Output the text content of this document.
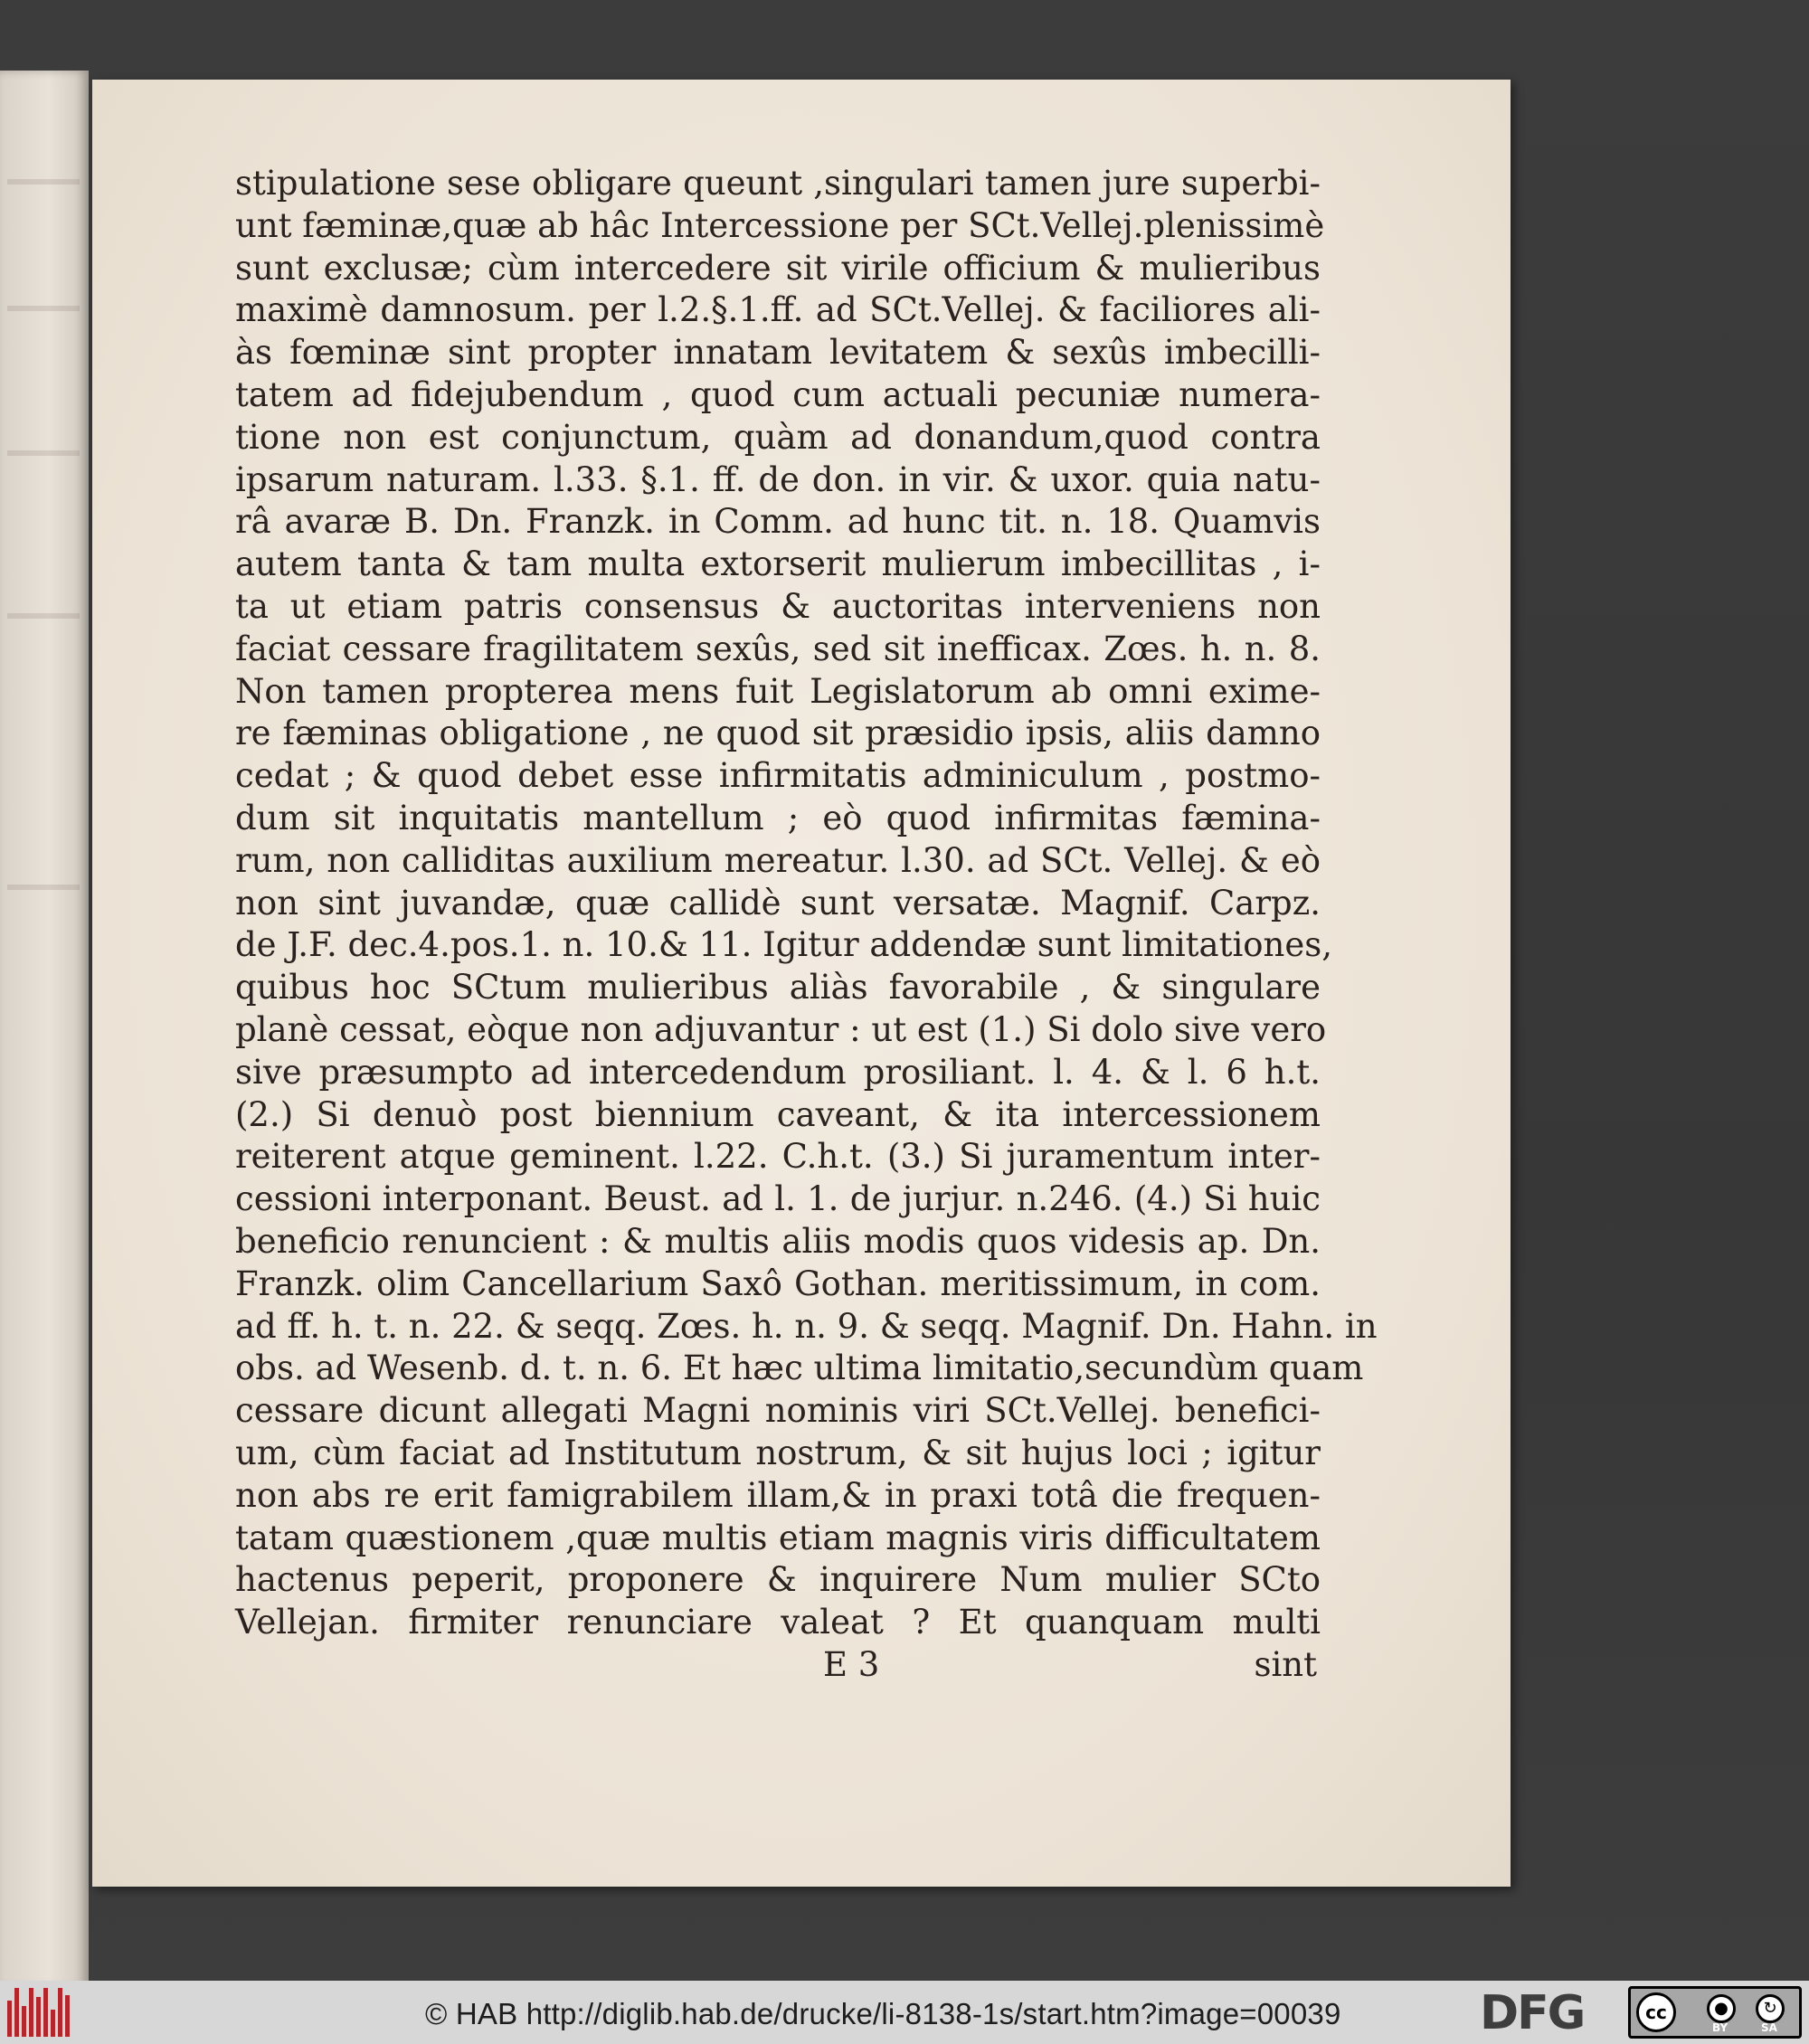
stipulatione sese obligare queunt ,singulari tamen jure superbi-
unt fæminæ,quæ ab hâc Intercessione per SCt.Vellej.plenissimè
sunt exclusæ; cùm intercedere sit virile officium & mulieribus
maximè damnosum. per l.2.§.1.ff. ad SCt.Vellej. & faciliores ali-
às fœminæ sint propter innatam levitatem & sexûs imbecilli-
tatem ad fidejubendum , quod cum actuali pecuniæ numera-
tione non est conjunctum, quàm ad donandum,quod contra
ipsarum naturam. l.33. §.1. ff. de don. in vir. & uxor. quia natu-
râ avaræ B. Dn. Franzk. in Comm. ad hunc tit. n. 18. Quamvis
autem tanta & tam multa extorserit mulierum imbecillitas , i-
ta ut etiam patris consensus & auctoritas interveniens non
faciat cessare fragilitatem sexûs, sed sit inefficax. Zœs. h. n. 8.
Non tamen propterea mens fuit Legislatorum ab omni exime-
re fæminas obligatione , ne quod sit præsidio ipsis, aliis damno
cedat ; & quod debet esse infirmitatis adminiculum , postmo-
dum sit inquitatis mantellum ; eò quod infirmitas fæmina-
rum, non calliditas auxilium mereatur. l.30. ad SCt. Vellej. & eò
non sint juvandæ, quæ callidè sunt versatæ. Magnif. Carpz.
de J.F. dec.4.pos.1. n. 10.& 11. Igitur addendæ sunt limitationes,
quibus hoc SCtum mulieribus aliàs favorabile , & singulare
planè cessat, eòque non adjuvantur : ut est (1.) Si dolo sive vero
sive præsumpto ad intercedendum prosiliant. l. 4. & l. 6 h.t.
(2.) Si denuò post biennium caveant, & ita intercessionem
reiterent atque geminent. l.22. C.h.t. (3.) Si juramentum inter-
cessioni interponant. Beust. ad l. 1. de jurjur. n.246. (4.) Si huic
beneficio renuncient : & multis aliis modis quos videsis ap. Dn.
Franzk. olim Cancellarium Saxô Gothan. meritissimum, in com.
ad ff. h. t. n. 22. & seqq. Zœs. h. n. 9. & seqq. Magnif. Dn. Hahn. in
obs. ad Wesenb. d. t. n. 6. Et hæc ultima limitatio,secundùm quam
cessare dicunt allegati Magni nominis viri SCt.Vellej. benefici-
um, cùm faciat ad Institutum nostrum, & sit hujus loci ; igitur
non abs re erit famigrabilem illam,& in praxi totâ die frequen-
tatam quæstionem ,quæ multis etiam magnis viris difficultatem
hactenus peperit, proponere & inquirere Num mulier SCto
Vellejan. firmiter renunciare valeat ? Et quanquam multi
E 3	sint
© HAB http://diglib.hab.de/drucke/li-8138-1s/start.htm?image=00039	DFG	cc	●	↻
BY	SA
